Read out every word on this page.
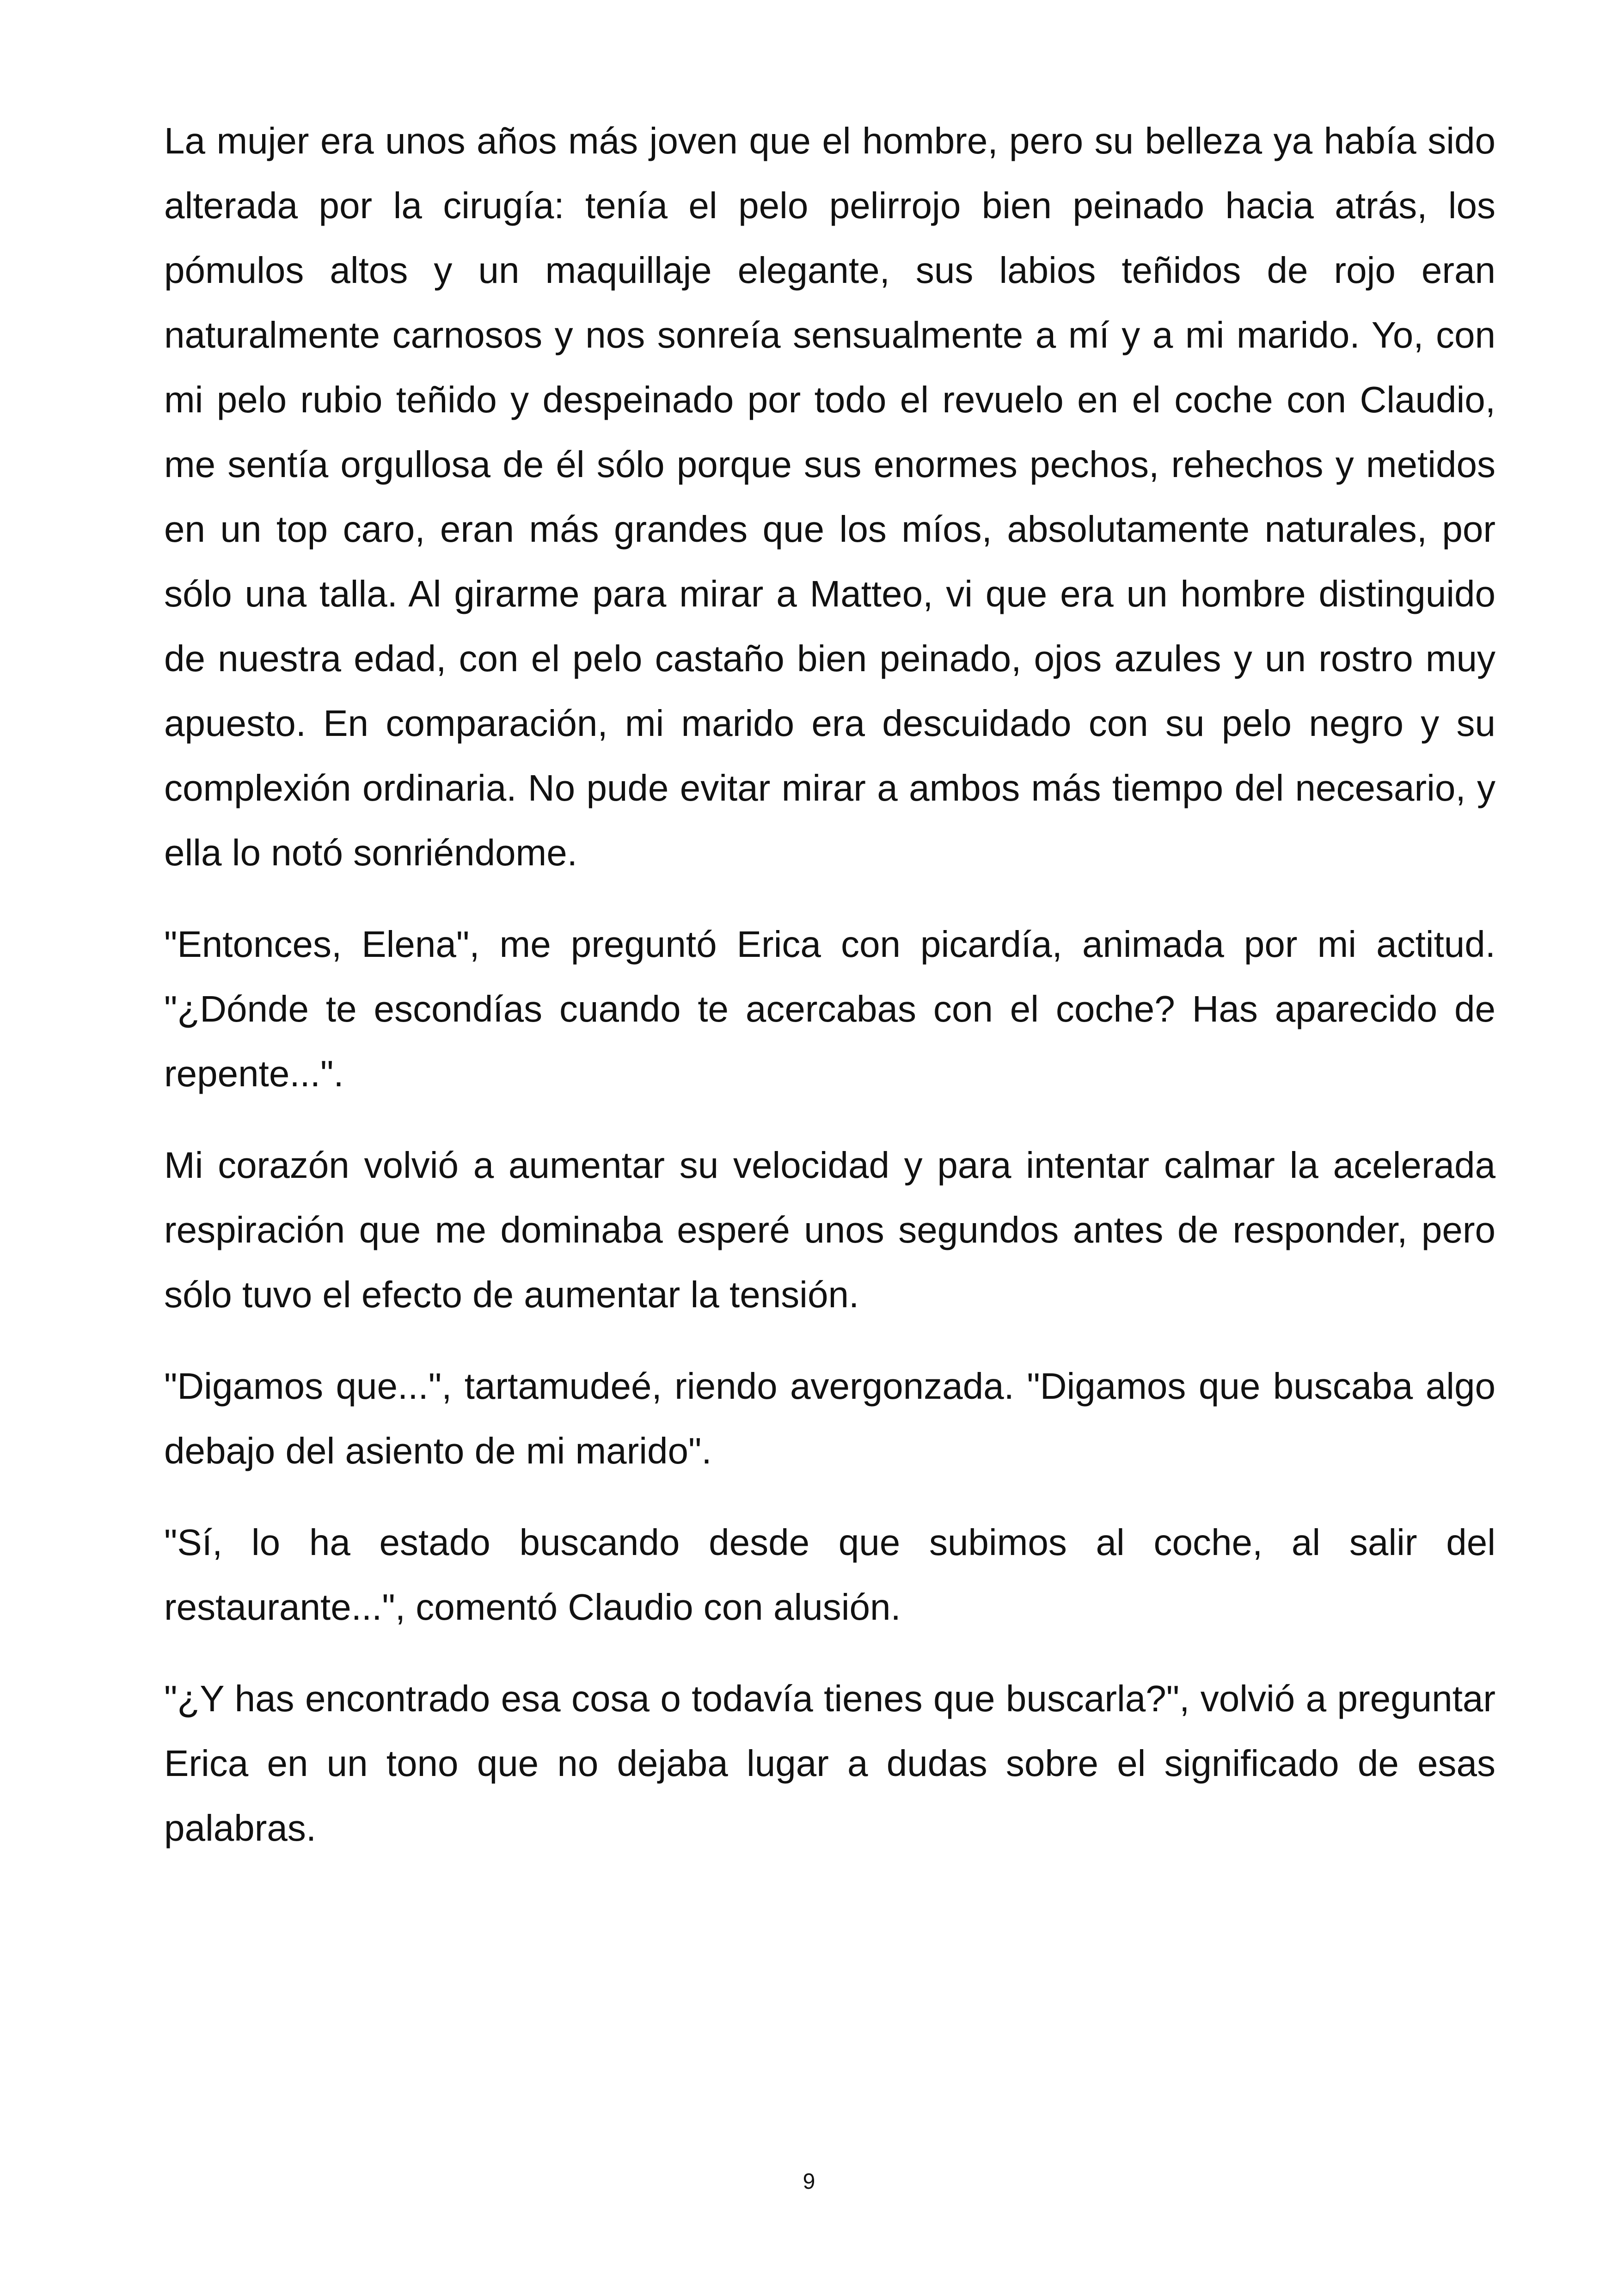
La mujer era unos años más joven que el hombre, pero su belleza ya había sido alterada por la cirugía: tenía el pelo pelirrojo bien peinado hacia atrás, los pómulos altos y un maquillaje elegante, sus labios teñidos de rojo eran naturalmente carnosos y nos sonreía sensualmente a mí y a mi marido. Yo, con mi pelo rubio teñido y despeinado por todo el revuelo en el coche con Claudio, me sentía orgullosa de él sólo porque sus enormes pechos, rehechos y metidos en un top caro, eran más grandes que los míos, absolutamente naturales, por sólo una talla. Al girarme para mirar a Matteo, vi que era un hombre distinguido de nuestra edad, con el pelo castaño bien peinado, ojos azules y un rostro muy apuesto. En comparación, mi marido era descuidado con su pelo negro y su complexión ordinaria. No pude evitar mirar a ambos más tiempo del necesario, y ella lo notó sonriéndome.

"Entonces, Elena", me preguntó Erica con picardía, animada por mi actitud. "¿Dónde te escondías cuando te acercabas con el coche? Has aparecido de repente...".

Mi corazón volvió a aumentar su velocidad y para intentar calmar la acelerada respiración que me dominaba esperé unos segundos antes de responder, pero sólo tuvo el efecto de aumentar la tensión.

"Digamos que...", tartamudeé, riendo avergonzada. "Digamos que buscaba algo debajo del asiento de mi marido".

"Sí, lo ha estado buscando desde que subimos al coche, al salir del restaurante...", comentó Claudio con alusión.

"¿Y has encontrado esa cosa o todavía tienes que buscarla?", volvió a preguntar Erica en un tono que no dejaba lugar a dudas sobre el significado de esas palabras.

9
